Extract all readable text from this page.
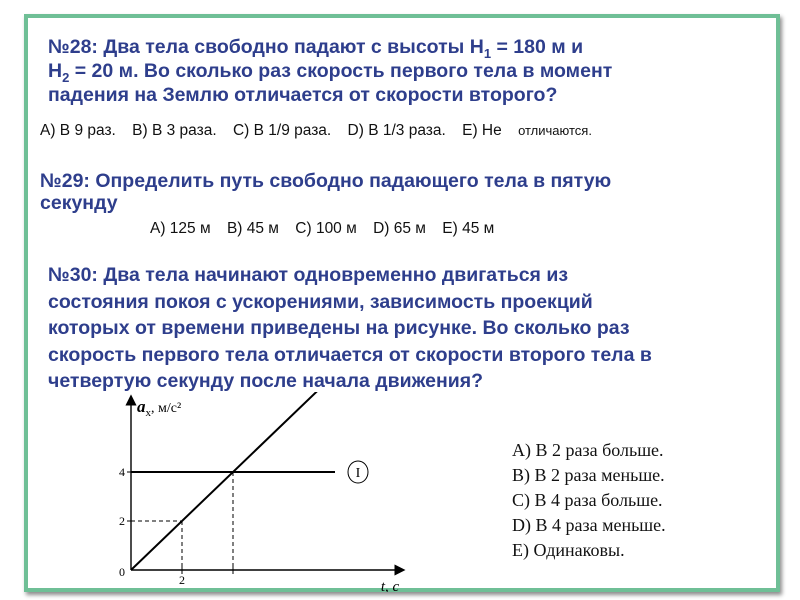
№28: Два тела свободно падают с высоты $H_1 = 180$ м и
$H_2 = 20$ м. Во сколько раз скорость первого тела в момент
падения на Землю отличается от скорости второго?
А) В 9 раз. В) В 3 раза. С) В 1/9 раза. D) В 1/3 раза. Е) Не отличаются.
№29: Определить путь свободно падающего тела в пятую
секунду
А) 125 м В) 45 м С) 100 м D) 65 м Е) 45 м
№30: Два тела начинают одновременно двигаться из
состояния покоя с ускорениями, зависимость проекций
которых от времени приведены на рисунке. Во сколько раз
скорость первого тела отличается от скорости второго тела в
четвертую секунду после начала движения?
I
4
2
2
0
$a_x^{, м/с^2}$
t, с
А) В 2 раза больше.
В) В 2 раза меньше.
С) В 4 раза больше.
D) В 4 раза меньше.
Е) Одинаковы.
